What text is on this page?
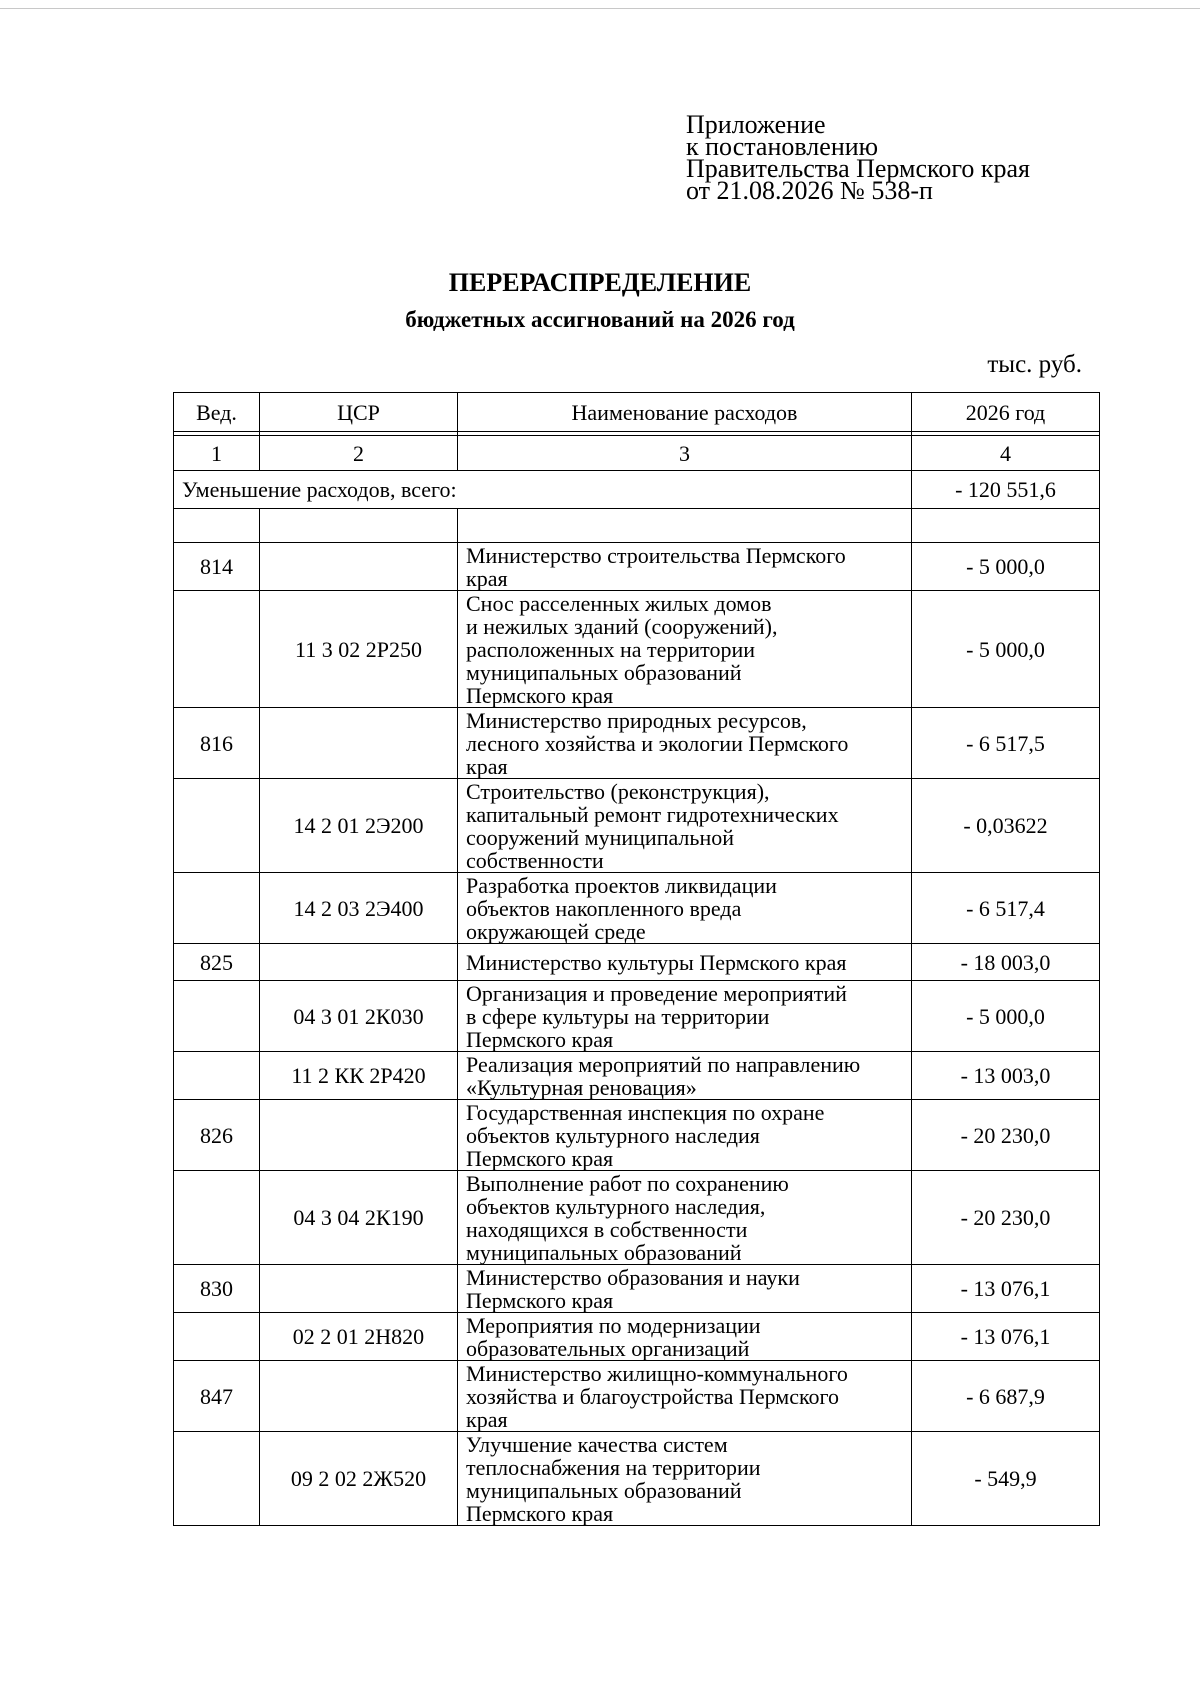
Приложение
к постановлению
Правительства Пермского края
от 21.08.2026 № 538-п
ПЕРЕРАСПРЕДЕЛЕНИЕ
бюджетных ассигнований на 2026 год
тыс. руб.
Вед.	ЦСР	Наименование расходов	2026 год

1	2	3	4
Уменьшение расходов, всего:			- 120 551,6

814		Министерство строительства Пермского
края	- 5 000,0
	11 3 02 2Р250	Снос расселенных жилых домов
и нежилых зданий (сооружений),
расположенных на территории
муниципальных образований
Пермского края	- 5 000,0
816		Министерство природных ресурсов,
лесного хозяйства и экологии Пермского
края	- 6 517,5
	14 2 01 2Э200	Строительство (реконструкция),
капитальный ремонт гидротехнических
сооружений муниципальной
собственности	- 0,03622
	14 2 03 2Э400	Разработка проектов ликвидации
объектов накопленного вреда
окружающей среде	- 6 517,4
825		Министерство культуры Пермского края	- 18 003,0
	04 3 01 2К030	Организация и проведение мероприятий
в сфере культуры на территории
Пермского края	- 5 000,0
	11 2 КК 2Р420	Реализация мероприятий по направлению
«Культурная реновация»	- 13 003,0
826		Государственная инспекция по охране
объектов культурного наследия
Пермского края	- 20 230,0
	04 3 04 2К190	Выполнение работ по сохранению
объектов культурного наследия,
находящихся в собственности
муниципальных образований	- 20 230,0
830		Министерство образования и науки
Пермского края	- 13 076,1
	02 2 01 2Н820	Мероприятия по модернизации
образовательных организаций	- 13 076,1
847		Министерство жилищно-коммунального
хозяйства и благоустройства Пермского
края	- 6 687,9
	09 2 02 2Ж520	Улучшение качества систем
теплоснабжения на территории
муниципальных образований
Пермского края	- 549,9
